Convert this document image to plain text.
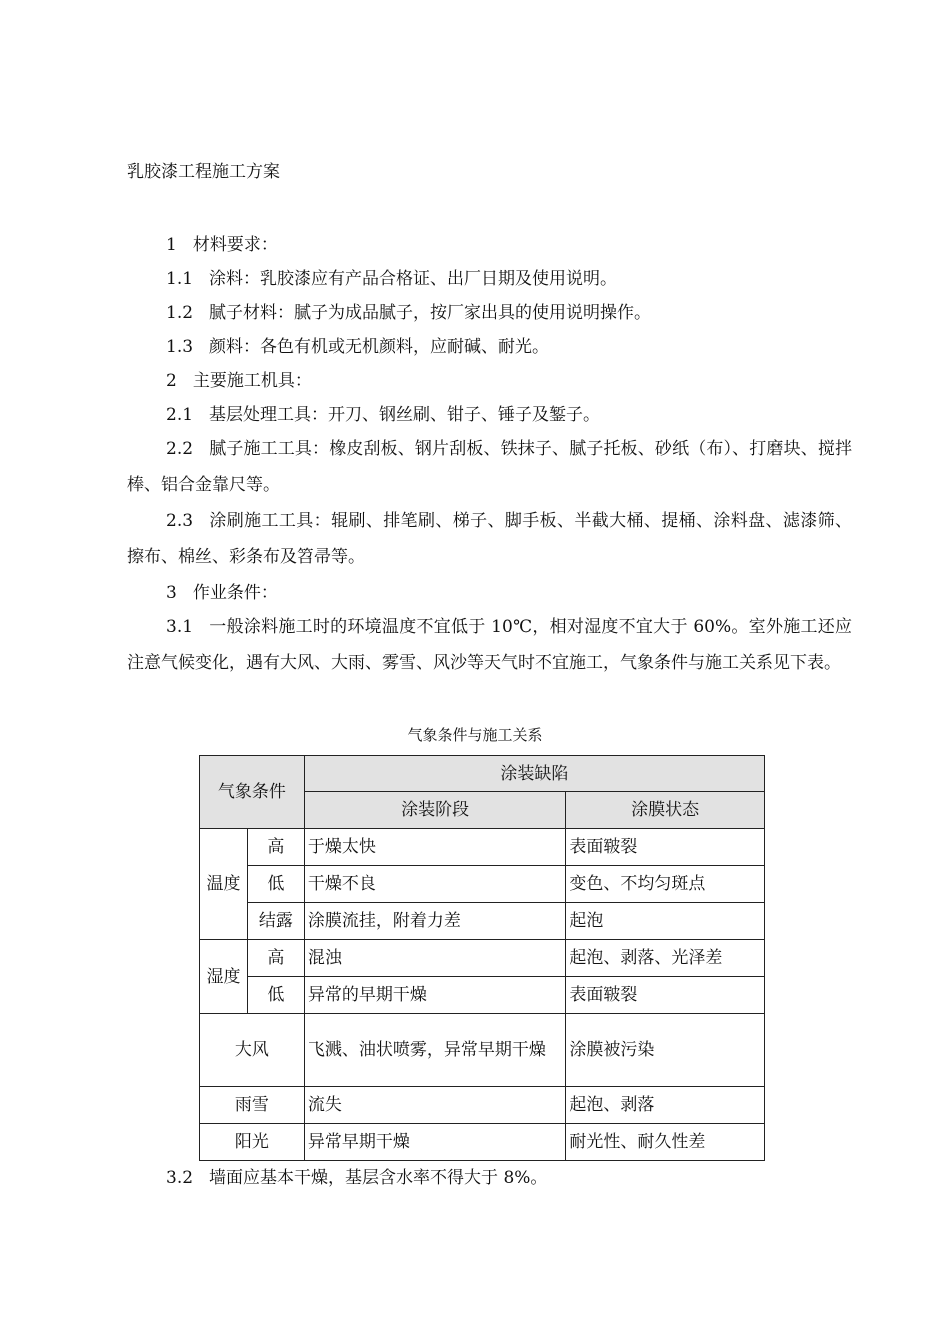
乳胶漆工程施工方案

1 材料要求：

1.1 涂料：乳胶漆应有产品合格证、出厂日期及使用说明。

1.2 腻子材料：腻子为成品腻子，按厂家出具的使用说明操作。

1.3 颜料：各色有机或无机颜料，应耐碱、耐光。

2 主要施工机具：

2.1 基层处理工具：开刀、钢丝刷、钳子、锤子及錾子。

2.2 腻子施工工具：橡皮刮板、钢片刮板、铁抹子、腻子托板、砂纸（布）、打磨块、搅拌棒、铝合金靠尺等。

2.3 涂刷施工工具：辊刷、排笔刷、梯子、脚手板、半截大桶、提桶、涂料盘、滤漆筛、擦布、棉丝、彩条布及笤帚等。

3 作业条件：

3.1 一般涂料施工时的环境温度不宜低于 10℃，相对湿度不宜大于 60%。室外施工还应注意气候变化，遇有大风、大雨、雾雪、风沙等天气时不宜施工，气象条件与施工关系见下表。

气象条件与施工关系
气象条件		涂装缺陷	
		涂装阶段	涂膜状态
温度	高	于燥太快	表面皲裂
	低	干燥不良	变色、不均匀斑点
	结露	涂膜流挂，附着力差	起泡
湿度	高	混浊	起泡、剥落、光泽差
	低	异常的早期干燥	表面皲裂
大风		飞溅、油状喷雾，异常早期干燥	涂膜被污染
雨雪		流失	起泡、剥落
阳光		异常早期干燥	耐光性、耐久性差

3.2 墙面应基本干燥，基层含水率不得大于 8%。
